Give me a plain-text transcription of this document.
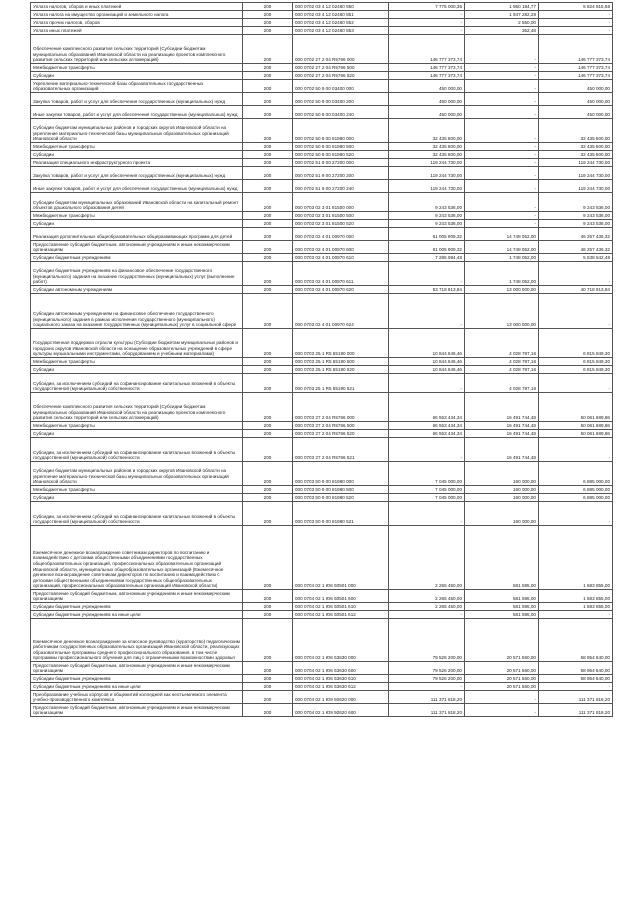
Уплата налогов, сборов и иных платежей	200	000 0702 03 4 12 02460 850	7 775 000,35	1 950 184,77	5 824 815,58
Уплата налога на имущество организаций и земельного налога	200	000 0702 03 4 12 02460 851	-	1 947 282,29	-
Уплата прочих налогов, сборов	200	000 0702 03 4 12 02460 852	-	2 550,00	-
Уплата иных платежей	200	000 0702 03 4 12 02460 853	-	352,48	-
Обеспечение комплексного развития сельских территорий (Субсидии бюджетам муниципальных образований Ивановской области на реализацию проектов комплексного развития сельских территорий или сельских агломераций)	200	000 0702 27 2 04 R5766 000	146 777 373,74	-	146 777 373,74
Межбюджетные трансферты	200	000 0702 27 2 04 R5766 500	146 777 373,74	-	146 777 373,74
Субсидии	200	000 0702 27 2 04 R5766 520	146 777 373,74	-	146 777 373,74
Укрепление материально-технической базы образовательных государственных образовательных организаций	200	000 0702 50 9 00 03400 000	450 000,00	-	450 000,00
Закупка товаров, работ и услуг для обеспечения государственных (муниципальных) нужд	200	000 0702 50 9 00 03400 200	450 000,00	-	450 000,00
Иные закупки товаров, работ и услуг для обеспечения государственных (муниципальных) нужд	200	000 0702 50 9 00 03400 240	450 000,00	-	450 000,00
Субсидии бюджетам муниципальных районов и городских округов Ивановской области на укрепление материально-технической базы муниципальных образовательных организаций Ивановской области	200	000 0702 50 9 00 81990 000	32 435 600,00	-	32 435 600,00
Межбюджетные трансферты	200	000 0702 50 9 00 81990 500	32 435 600,00	-	32 435 600,00
Субсидии	200	000 0702 50 9 00 81990 520	32 435 600,00	-	32 435 600,00
Реализация специального инфраструктурного проекта	200	000 0702 51 9 00 27200 000	119 244 730,00	-	119 244 730,00
Закупка товаров, работ и услуг для обеспечения государственных (муниципальных) нужд	200	000 0702 51 9 00 27200 200	119 244 730,00	-	119 244 730,00
Иные закупки товаров, работ и услуг для обеспечения государственных (муниципальных) нужд	200	000 0702 51 9 00 27200 240	119 244 730,00	-	119 244 730,00
Субсидии бюджетам муниципальных образований Ивановской области на капитальный ремонт объектов дошкольного образования детей	200	000 0703 02 3 01 81500 000	9 243 536,00	-	9 243 536,00
Межбюджетные трансферты	200	000 0703 02 3 01 81500 500	9 243 536,00	-	9 243 536,00
Субсидии	200	000 0703 02 3 01 81500 520	9 243 536,00	-	9 243 536,00
Реализация дополнительных общеобразовательных общеразвивающих программ для детей	200	000 0703 02 4 01 00970 000	61 005 909,32	14 748 052,00	46 257 436,32
Предоставление субсидий бюджетным, автономным учреждениям и иным некоммерческим организациям	200	000 0703 02 4 01 00970 600	61 005 909,32	14 748 052,00	46 257 436,32
Субсидии бюджетным учреждениям	200	000 0703 02 4 01 00970 610	7 286 594,48	1 748 052,00	5 538 542,48
Субсидии бюджетным учреждениям на финансовое обеспечение государственного (муниципального) задания на оказание государственных (муниципальных) услуг (выполнение работ)	200	000 0703 02 4 01 00970 611	-	1 748 052,00	-
Субсидии автономным учреждениям	200	000 0703 02 4 01 00970 620	53 718 913,84	13 000 000,00	40 718 913,84
Субсидии автономным учреждениям на финансовое обеспечение государственного (муниципального) задания в рамках исполнения государственного (муниципального) социального заказа на оказание государственных (муниципальных) услуг в социальной сфере	200	000 0703 02 4 01 00970 624	-	13 000 000,00	-
Государственная поддержка отрасли культуры (Субсидии бюджетам муниципальных районов и городских округов Ивановской области на оснащение образовательных учреждений в сфере культуры музыкальными инструментами, оборудованием и учебными материалами)	200	000 0703 25 1 R5 55190 000	10 844 646,46	4 028 797,16	6 815 849,30
Межбюджетные трансферты	200	000 0703 25 1 R5 55190 500	10 844 646,46	4 028 797,16	6 815 849,30
Субсидии	200	000 0703 25 1 R5 55190 520	10 844 646,46	4 028 797,16	6 815 849,30
Субсидии, за исключением субсидий на софинансирование капитальных вложений в объекты государственной (муниципальной) собственности	200	000 0703 25 1 R5 55190 521	-	4 028 797,16	-
Обеспечение комплексного развития сельских территорий (Субсидии бюджетам муниципальных образований Ивановской области на реализацию проектов комплексного развития сельских территорий или сельских агломераций)	200	000 0703 27 2 04 R5766 000	66 553 434,34	16 491 744,48	50 061 689,86
Межбюджетные трансферты	200	000 0703 27 2 04 R5766 500	66 553 434,34	16 491 744,48	50 061 689,86
Субсидии	200	000 0703 27 2 04 R5766 520	66 553 434,34	16 491 744,48	50 061 689,86
Субсидии, за исключением субсидий на софинансирование капитальных вложений в объекты государственной (муниципальной) собственности	200	000 0703 27 2 04 R5766 521	-	16 491 744,48	-
Субсидии бюджетам муниципальных районов и городских округов Ивановской области на укрепление материально-технической базы муниципальных образовательных организаций Ивановской области	200	000 0703 50 9 00 81990 000	7 045 000,00	160 000,00	6 885 000,00
Межбюджетные трансферты	200	000 0703 50 9 00 81990 500	7 045 000,00	160 000,00	6 885 000,00
Субсидии	200	000 0703 50 9 00 81990 520	7 045 000,00	160 000,00	6 885 000,00
Субсидии, за исключением субсидий на софинансирование капитальных вложений в объекты государственной (муниципальной) собственности	200	000 0703 50 9 00 81990 521	-	160 000,00	-
Ежемесячное денежное вознаграждение советникам директоров по воспитанию и взаимодействию с детскими общественными объединениями государственных общеобразовательных организаций, профессиональных образовательных организаций Ивановской области, муниципальных общеобразовательных организаций (Ежемесячное денежное вознаграждение советникам директоров по воспитанию и взаимодействию с детскими общественными объединениями государственных общеобразовательных организаций, профессиональных образовательных организаций Ивановской области)	200	000 0704 02 1 Ю6 50501 000	2 265 450,00	581 595,00	1 683 855,00
Предоставление субсидий бюджетным, автономным учреждениям и иным некоммерческим организациям	200	000 0704 02 1 Ю6 50501 600	2 265 450,00	581 595,00	1 683 855,00
Субсидии бюджетным учреждениям	200	000 0704 02 1 Ю6 50501 610	2 265 450,00	581 595,00	1 683 855,00
Субсидии бюджетным учреждениям на иные цели	200	000 0704 02 1 Ю6 50501 612	-	581 595,00	-
Ежемесячное денежное вознаграждение за классное руководство (кураторство) педагогическим работникам государственных образовательных организаций Ивановской области, реализующих образовательные программы среднего профессионального образования, в том числе программы профессионального обучения для лиц с ограниченными возможностями здоровья	200	000 0704 02 1 Ю6 53630 000	79 526 200,00	20 571 560,00	58 954 640,00
Предоставление субсидий бюджетным, автономным учреждениям и иным некоммерческим организациям	200	000 0704 02 1 Ю6 53630 600	79 526 200,00	20 571 560,00	58 954 640,00
Субсидии бюджетным учреждениям	200	000 0704 02 1 Ю6 53630 610	79 526 200,00	20 571 560,00	58 954 640,00
Субсидии бюджетным учреждениям на иные цели	200	000 0704 02 1 Ю6 53630 612	-	20 571 560,00	-
Преобразование учебных корпусов и общежитий колледжей как неотъемлемого элемента учебно-производственного комплекса	200	000 0704 02 1 Ю9 50620 000	111 371 818,20	-	111 371 818,20
Предоставление субсидий бюджетным, автономным учреждениям и иным некоммерческим организациям	200	000 0704 02 1 Ю9 50620 600	111 371 818,20	-	111 371 818,20
